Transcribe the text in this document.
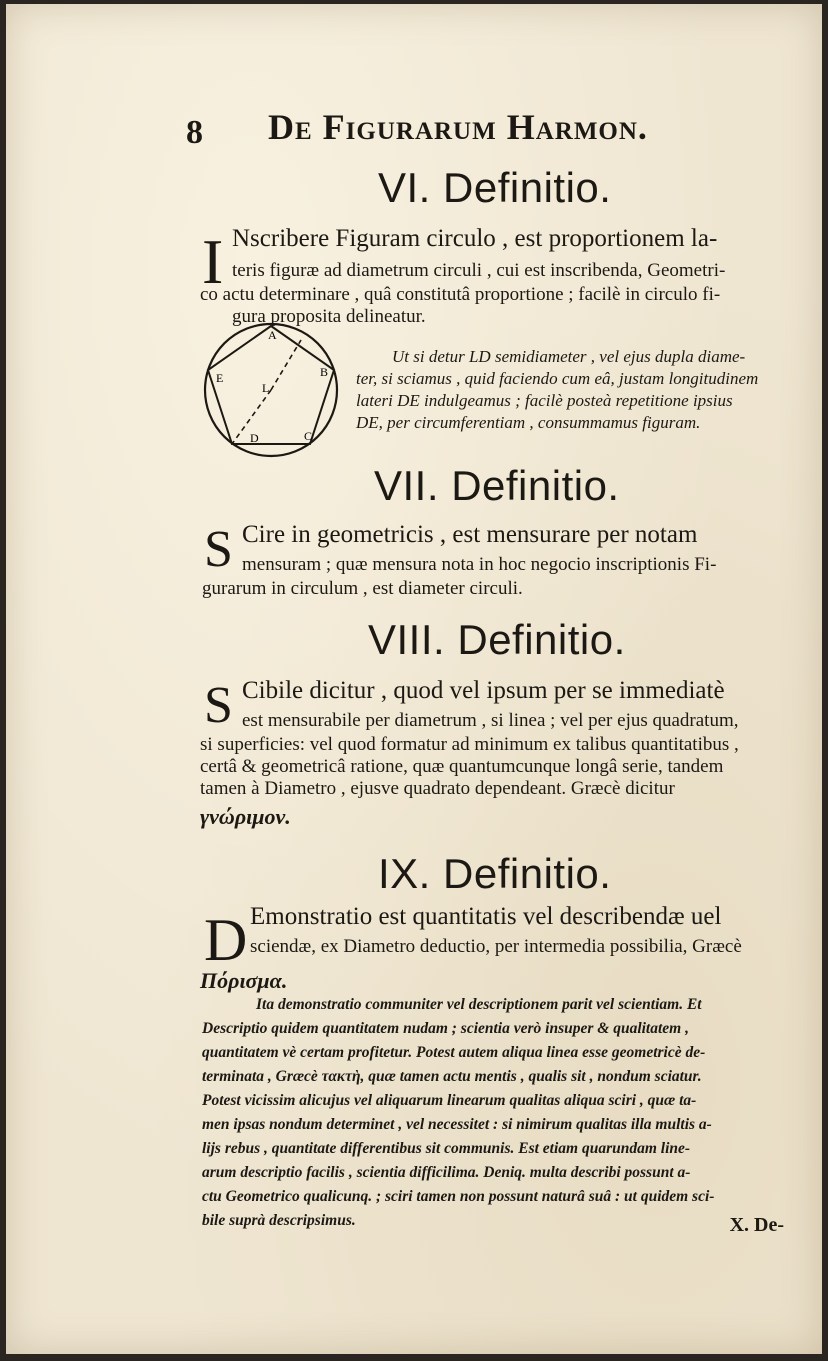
8 De Figurarum Harmon.
VI. Definitio.
I Nscribere Figuram circulo , est proportionem la-
teris figuræ ad diametrum circuli , cui est inscribenda, Geometri-
co actu determinare , quâ constitutâ proportione ; facilè in circulo fi-
gura proposita delineatur.
A
B
C
D
E
L
Ut si detur LD semidiameter , vel ejus dupla diame-
ter, si sciamus , quid faciendo cum eâ, justam longitudinem
lateri DE indulgeamus ; facilè posteà repetitione ipsius
DE, per circumferentiam , consummamus figuram.
VII. Definitio.
S Cire in geometricis , est mensurare per notam
mensuram ; quæ mensura nota in hoc negocio inscriptionis Fi-
gurarum in circulum , est diameter circuli.
VIII. Definitio.
S Cibile dicitur , quod vel ipsum per se immediatè
est mensurabile per diametrum , si linea ; vel per ejus quadratum,
si superficies: vel quod formatur ad minimum ex talibus quantitatibus ,
certâ & geometricâ ratione, quæ quantumcunque longâ serie, tandem
tamen à Diametro , ejusve quadrato dependeant. Græcè dicitur
γνώριμον.
IX. Definitio.
D Emonstratio est quantitatis vel describendæ uel
sciendæ, ex Diametro deductio, per intermedia possibilia, Græcè
Πόρισμα.
Ita demonstratio communiter vel descriptionem parit vel scientiam. Et
Descriptio quidem quantitatem nudam ; scientia verò insuper & qualitatem ,
quantitatem vè certam profitetur. Potest autem aliqua linea esse geometricè de-
terminata , Græcè τακτὴ, quæ tamen actu mentis , qualis sit , nondum sciatur.
Potest vicissim alicujus vel aliquarum linearum qualitas aliqua sciri , quæ ta-
men ipsas nondum determinet , vel necessitet : si nimirum qualitas illa multis a-
lijs rebus , quantitate differentibus sit communis. Est etiam quarundam line-
arum descriptio facilis , scientia difficilima. Deniq. multa describi possunt a-
ctu Geometrico qualicunq. ; sciri tamen non possunt naturâ suâ : ut quidem sci-
bile suprà descripsimus.	X. De-
